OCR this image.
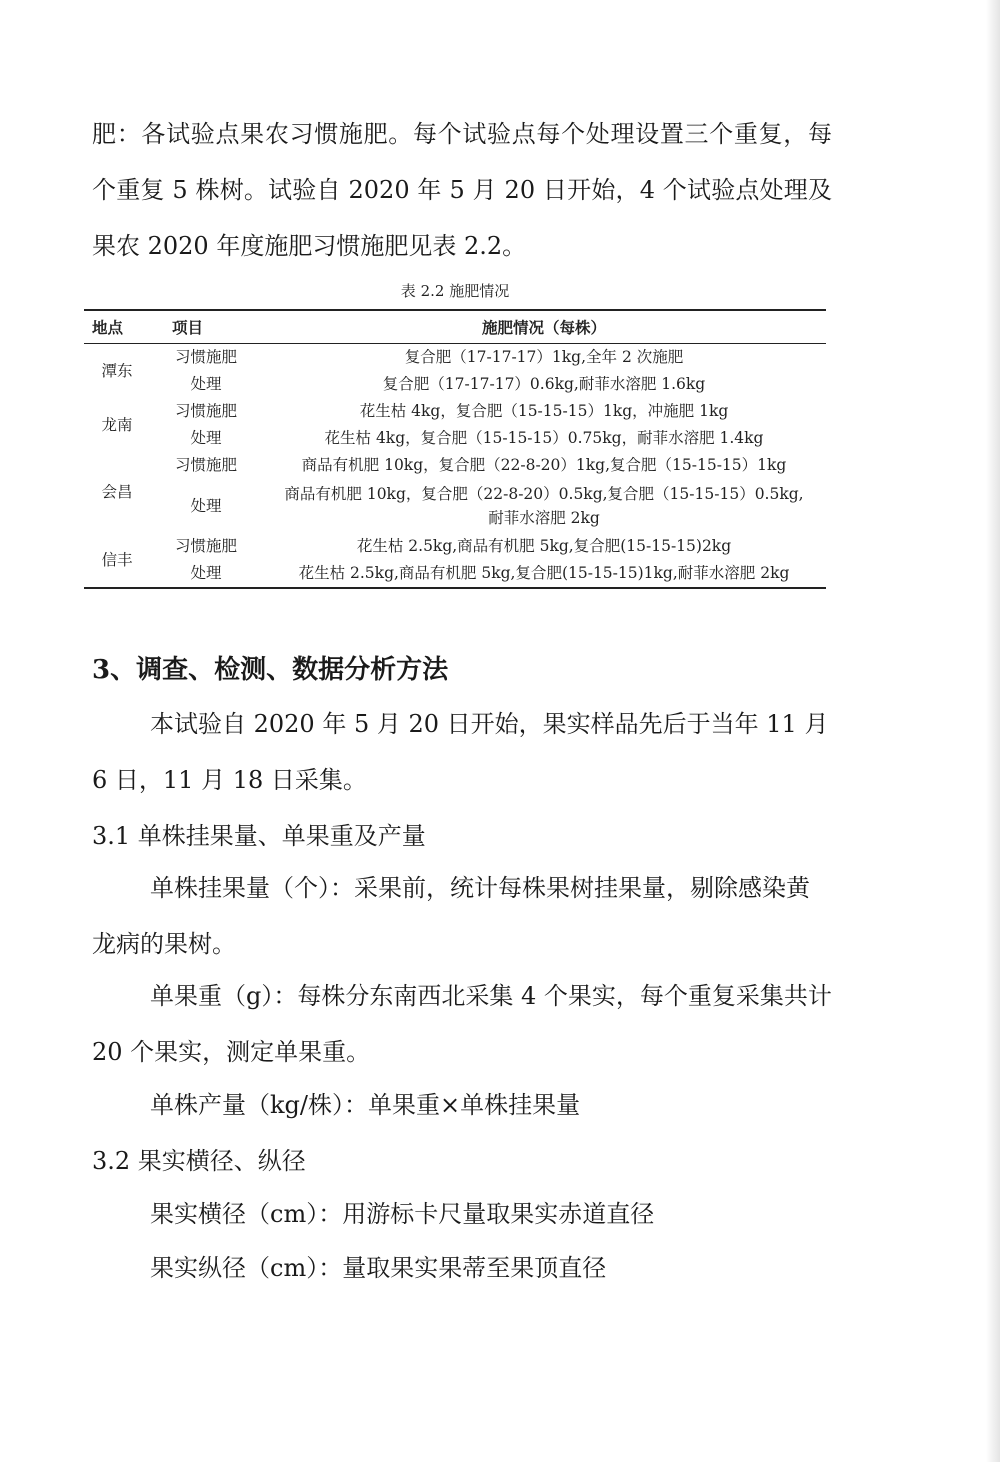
肥：各试验点果农习惯施肥。每个试验点每个处理设置三个重复，每个重复 5 株树。试验自 2020 年 5 月 20 日开始，4 个试验点处理及果农 2020 年度施肥习惯施肥见表 2.2。

表 2.2 施肥情况
地点	项目	施肥情况（每株）
潭东	习惯施肥	复合肥（17-17-17）1kg,全年 2 次施肥
	处理	复合肥（17-17-17）0.6kg,耐菲水溶肥 1.6kg
龙南	习惯施肥	花生枯 4kg，复合肥（15-15-15）1kg，冲施肥 1kg
	处理	花生枯 4kg，复合肥（15-15-15）0.75kg，耐菲水溶肥 1.4kg
会昌	习惯施肥	商品有机肥 10kg，复合肥（22-8-20）1kg,复合肥（15-15-15）1kg
	处理	商品有机肥 10kg，复合肥（22-8-20）0.5kg,复合肥（15-15-15）0.5kg,
耐菲水溶肥 2kg
信丰	习惯施肥	花生枯 2.5kg,商品有机肥 5kg,复合肥(15-15-15)2kg
	处理	花生枯 2.5kg,商品有机肥 5kg,复合肥(15-15-15)1kg,耐菲水溶肥 2kg
3、调查、检测、数据分析方法

本试验自 2020 年 5 月 20 日开始，果实样品先后于当年 11 月 6 日，11 月 18 日采集。

3.1 单株挂果量、单果重及产量

单株挂果量（个）：采果前，统计每株果树挂果量，剔除感染黄龙病的果树。

单果重（g）：每株分东南西北采集 4 个果实，每个重复采集共计 20 个果实，测定单果重。

单株产量（kg/株）：单果重×单株挂果量

3.2 果实横径、纵径

果实横径（cm）：用游标卡尺量取果实赤道直径

果实纵径（cm）：量取果实果蒂至果顶直径
